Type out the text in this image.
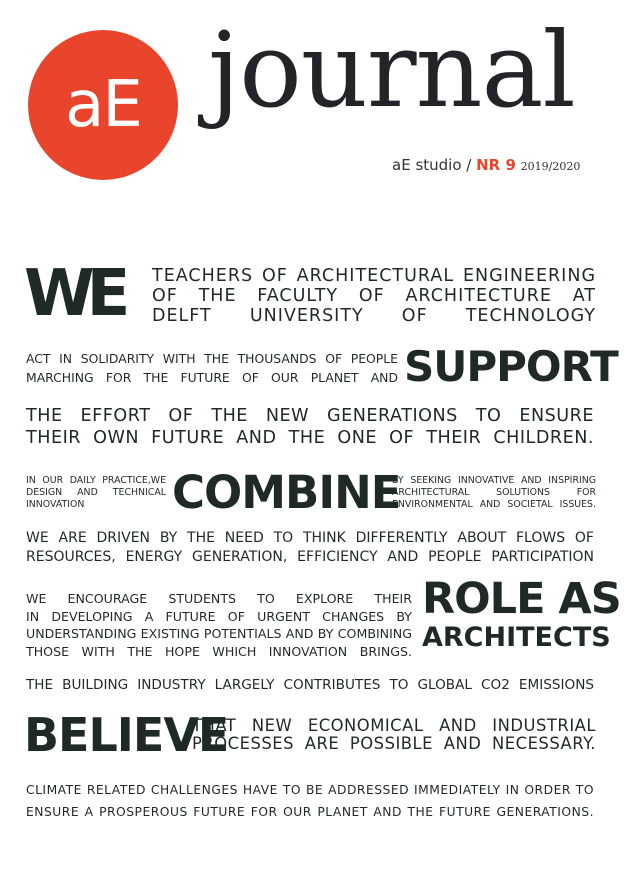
aE journal
aE studio / NR 9 2019/2020
WE TEACHERS OF ARCHITECTURAL ENGINEERING
OF THE FACULTY OF ARCHITECTURE AT
DELFT UNIVERSITY OF TECHNOLOGY
ACT IN SOLIDARITY WITH THE THOUSANDS OF PEOPLE
MARCHING FOR THE FUTURE OF OUR PLANET AND SUPPORT
THE EFFORT OF THE NEW GENERATIONS TO ENSURE
THEIR OWN FUTURE AND THE ONE OF THEIR CHILDREN.
IN OUR DAILY PRACTICE,WE
DESIGN AND TECHNICAL
INNOVATION	COMBINE
BY SEEKING INNOVATIVE AND INSPIRING
ARCHITECTURAL SOLUTIONS FOR
ENVIRONMENTAL AND SOCIETAL ISSUES.
WE ARE DRIVEN BY THE NEED TO THINK DIFFERENTLY ABOUT FLOWS OF
RESOURCES, ENERGY GENERATION, EFFICIENCY AND PEOPLE PARTICIPATION
WE ENCOURAGE STUDENTS TO EXPLORE THEIR
IN DEVELOPING A FUTURE OF URGENT CHANGES BY
UNDERSTANDING EXISTING POTENTIALS AND BY COMBINING
THOSE WITH THE HOPE WHICH INNOVATION BRINGS.
ROLE AS
ARCHITECTS
THE BUILDING INDUSTRY LARGELY CONTRIBUTES TO GLOBAL CO2 EMISSIONS
BELIEVE
THAT NEW ECONOMICAL AND INDUSTRIAL
PROCESSES ARE POSSIBLE AND NECESSARY.
CLIMATE RELATED CHALLENGES HAVE TO BE ADDRESSED IMMEDIATELY IN ORDER TO
ENSURE A PROSPEROUS FUTURE FOR OUR PLANET AND THE FUTURE GENERATIONS.
